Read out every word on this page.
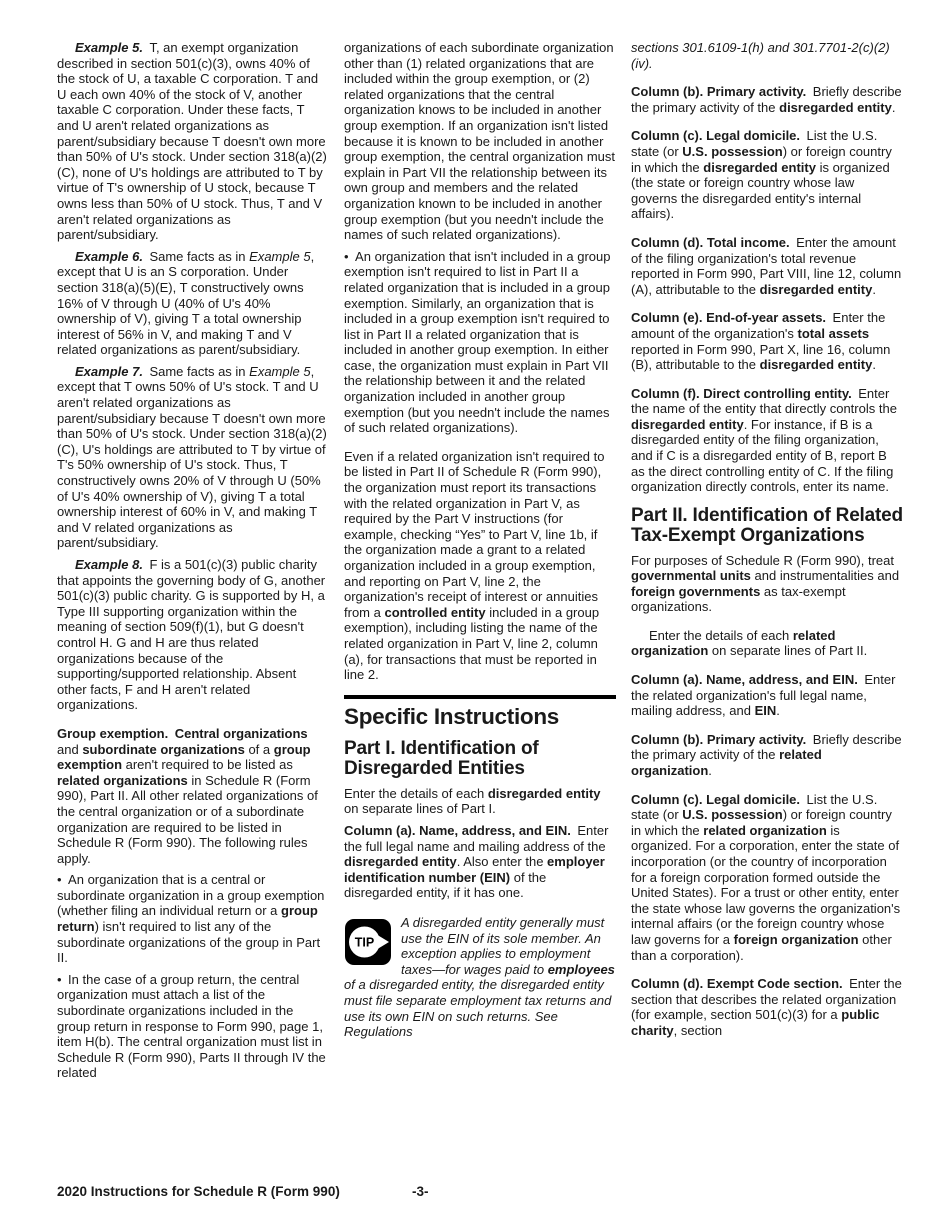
Example 5. T, an exempt organization described in section 501(c)(3), owns 40% of the stock of U, a taxable C corporation. T and U each own 40% of the stock of V, another taxable C corporation. Under these facts, T and U aren't related organizations as parent/subsidiary because T doesn't own more than 50% of U's stock. Under section 318(a)(2)(C), none of U's holdings are attributed to T by virtue of T's ownership of U stock, because T owns less than 50% of U stock. Thus, T and V aren't related organizations as parent/subsidiary.

Example 6. Same facts as in Example 5, except that U is an S corporation. Under section 318(a)(5)(E), T constructively owns 16% of V through U (40% of U's 40% ownership of V), giving T a total ownership interest of 56% in V, and making T and V related organizations as parent/subsidiary.

Example 7. Same facts as in Example 5, except that T owns 50% of U's stock. T and U aren't related organizations as parent/subsidiary because T doesn't own more than 50% of U's stock. Under section 318(a)(2)(C), U's holdings are attributed to T by virtue of T's 50% ownership of U's stock. Thus, T constructively owns 20% of V through U (50% of U's 40% ownership of V), giving T a total ownership interest of 60% in V, and making T and V related organizations as parent/subsidiary.

Example 8. F is a 501(c)(3) public charity that appoints the governing body of G, another 501(c)(3) public charity. G is supported by H, a Type III supporting organization within the meaning of section 509(f)(1), but G doesn't control H. G and H are thus related organizations because of the supporting/supported relationship. Absent other facts, F and H aren't related organizations.

Group exemption. Central organizations and subordinate organizations of a group exemption aren't required to be listed as related organizations in Schedule R (Form 990), Part II. All other related organizations of the central organization or of a subordinate organization are required to be listed in Schedule R (Form 990). The following rules apply.

• An organization that is a central or subordinate organization in a group exemption (whether filing an individual return or a group return) isn't required to list any of the subordinate organizations of the group in Part II.

• In the case of a group return, the central organization must attach a list of the subordinate organizations included in the group return in response to Form 990, page 1, item H(b). The central organization must list in Schedule R (Form 990), Parts II through IV the related

organizations of each subordinate organization other than (1) related organizations that are included within the group exemption, or (2) related organizations that the central organization knows to be included in another group exemption. If an organization isn't listed because it is known to be included in another group exemption, the central organization must explain in Part VII the relationship between its own group and members and the related organization known to be included in another group exemption (but you needn't include the names of such related organizations).

• An organization that isn't included in a group exemption isn't required to list in Part II a related organization that is included in a group exemption. Similarly, an organization that is included in a group exemption isn't required to list in Part II a related organization that is included in another group exemption. In either case, the organization must explain in Part VII the relationship between it and the related organization included in another group exemption (but you needn't include the names of such related organizations).

Even if a related organization isn't required to be listed in Part II of Schedule R (Form 990), the organization must report its transactions with the related organization in Part V, as required by the Part V instructions (for example, checking “Yes” to Part V, line 1b, if the organization made a grant to a related organization included in a group exemption, and reporting on Part V, line 2, the organization's receipt of interest or annuities from a controlled entity included in a group exemption), including listing the name of the related organization in Part V, line 2, column (a), for transactions that must be reported in line 2.

Specific Instructions
Part I. Identification of Disregarded Entities

Enter the details of each disregarded entity on separate lines of Part I.

Column (a). Name, address, and EIN. Enter the full legal name and mailing address of the disregarded entity. Also enter the employer identification number (EIN) of the disregarded entity, if it has one.

TIP
A disregarded entity generally must use the EIN of its sole member. An exception applies to employment taxes—for wages paid to employees of a disregarded entity, the disregarded entity must file separate employment tax returns and use its own EIN on such returns. See Regulations

sections 301.6109-1(h) and 301.7701-2(c)(2)(iv).

Column (b). Primary activity. Briefly describe the primary activity of the disregarded entity.

Column (c). Legal domicile. List the U.S. state (or U.S. possession) or foreign country in which the disregarded entity is organized (the state or foreign country whose law governs the disregarded entity's internal affairs).

Column (d). Total income. Enter the amount of the filing organization's total revenue reported in Form 990, Part VIII, line 12, column (A), attributable to the disregarded entity.

Column (e). End-of-year assets. Enter the amount of the organization's total assets reported in Form 990, Part X, line 16, column (B), attributable to the disregarded entity.

Column (f). Direct controlling entity. Enter the name of the entity that directly controls the disregarded entity. For instance, if B is a disregarded entity of the filing organization, and if C is a disregarded entity of B, report B as the direct controlling entity of C. If the filing organization directly controls, enter its name.

Part II. Identification of Related Tax-Exempt Organizations

For purposes of Schedule R (Form 990), treat governmental units and instrumentalities and foreign governments as tax-exempt organizations.

Enter the details of each related organization on separate lines of Part II.

Column (a). Name, address, and EIN. Enter the related organization's full legal name, mailing address, and EIN.

Column (b). Primary activity. Briefly describe the primary activity of the related organization.

Column (c). Legal domicile. List the U.S. state (or U.S. possession) or foreign country in which the related organization is organized. For a corporation, enter the state of incorporation (or the country of incorporation for a foreign corporation formed outside the United States). For a trust or other entity, enter the state whose law governs the organization's internal affairs (or the foreign country whose law governs for a foreign organization other than a corporation).

Column (d). Exempt Code section. Enter the section that describes the related organization (for example, section 501(c)(3) for a public charity, section

2020 Instructions for Schedule R (Form 990)	-3-
